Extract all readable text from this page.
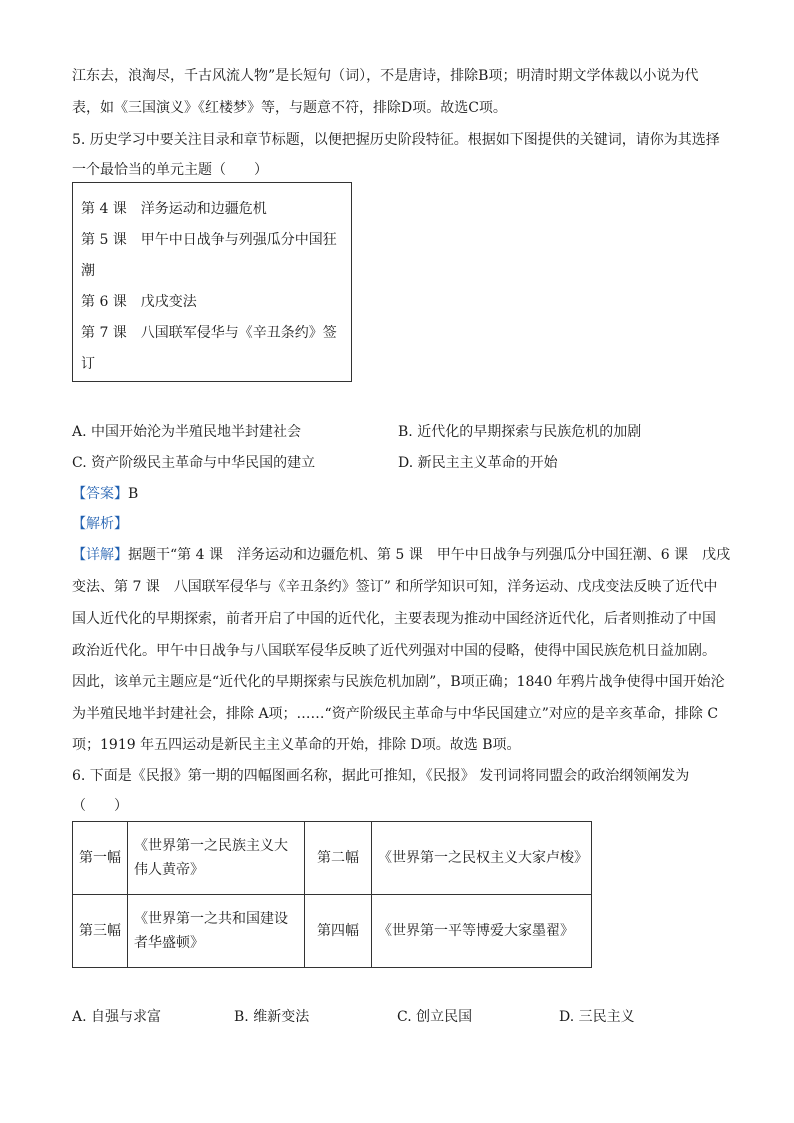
江东去，浪淘尽，千古风流人物”是长短句（词），不是唐诗，排除B项；明清时期文学体裁以小说为代
表，如《三国演义》《红楼梦》等，与题意不符，排除D项。故选C项。
5. 历史学习中要关注目录和章节标题，以便把握历史阶段特征。根据如下图提供的关键词，请你为其选择
一个最恰当的单元主题（　　）
第 4 课　洋务运动和边疆危机
第 5 课　甲午中日战争与列强瓜分中国狂
潮
第 6 课　戊戌变法
第 7 课　八国联军侵华与《辛丑条约》签
订
A. 中国开始沦为半殖民地半封建社会	B. 近代化的早期探索与民族危机的加剧
C. 资产阶级民主革命与中华民国的建立	D. 新民主主义革命的开始
【答案】B
【解析】
【详解】据题干“第 4 课　洋务运动和边疆危机、第 5 课　甲午中日战争与列强瓜分中国狂潮、6 课　戊戌
变法、第 7 课　八国联军侵华与《辛丑条约》签订” 和所学知识可知，洋务运动、戊戌变法反映了近代中
国人近代化的早期探索，前者开启了中国的近代化，主要表现为推动中国经济近代化，后者则推动了中国
政治近代化。甲午中日战争与八国联军侵华反映了近代列强对中国的侵略，使得中国民族危机日益加剧。
因此，该单元主题应是“近代化的早期探索与民族危机加剧”，B项正确；1840 年鸦片战争使得中国开始沦
为半殖民地半封建社会，排除 A项；……“资产阶级民主革命与中华民国建立”对应的是辛亥革命，排除 C
项；1919 年五四运动是新民主主义革命的开始，排除 D项。故选 B项。
6. 下面是《民报》第一期的四幅图画名称，据此可推知，《民报》 发刊词将同盟会的政治纲领阐发为
（　　）
第一幅	《世界第一之民族主义大伟人黄帝》	第二幅	《世界第一之民权主义大家卢梭》
第三幅	《世界第一之共和国建设者华盛顿》	第四幅	《世界第一平等博爱大家墨翟》
A. 自强与求富	B. 维新变法	C. 创立民国	D. 三民主义
